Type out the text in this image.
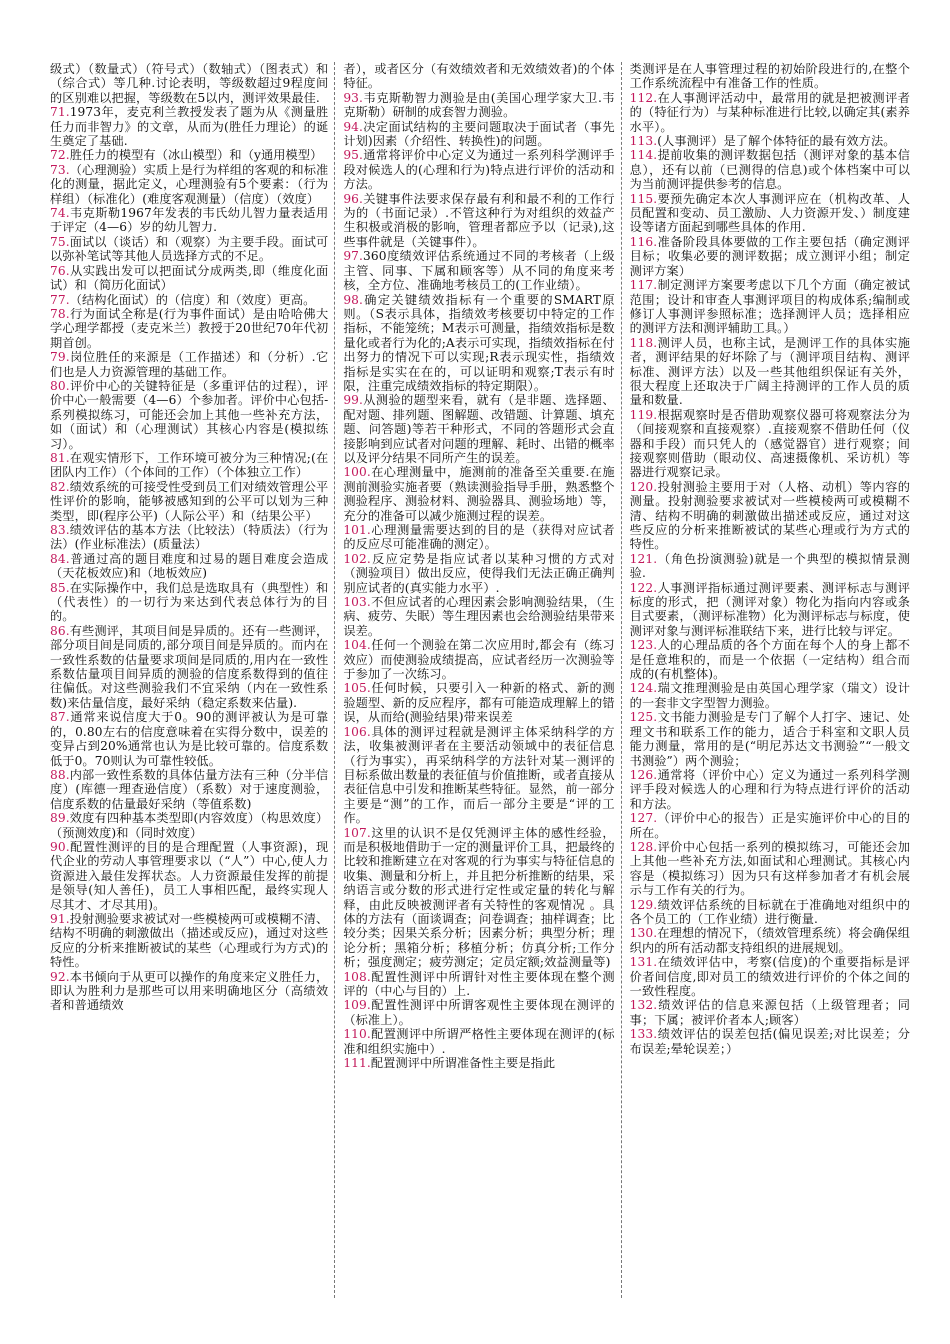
级式）（数量式）（符号式）（数轴式）（图表式）和（综合式）等几种.讨论表明，等级数超过9程度间的区别难以把握，等级数在5以内，测评效果最佳.

71.1973年，麦克利兰教授发表了题为从《测量胜任力而非智力》的文章，从而为(胜任力理论）的诞生奠定了基础.

72.胜任力的模型有（冰山模型）和（y通用模型）

73.（心理测验）实质上是行为样组的客观的和标准化的测量，据此定义，心理测验有5个要素：（行为样组）（标准化）(难度客观测量）（信度）（效度）

74.韦克斯勒1967年发表的韦氏幼儿智力量表适用于评定（4—6）岁的幼儿智力.

75.面试以（谈话）和（观察）为主要手段。面试可以弥补笔试等其他人员选择方式的不足。

76.从实践出发可以把面试分成两类,即（维度化面试）和（简历化面试）

77.（结构化面试）的（信度）和（效度）更高。

78.行为面试全称是(行为事件面试）是由哈哈佛大学心理学都授（麦克米兰）教授于20世纪70年代初期首创。

79.岗位胜任的来源是（工作描述）和（分析）.它们也是人力资源管理的基础工作。

80.评价中心的关键特征是（多重评估的过程），评价中心一般需要（4—6）个参加者。评价中心包括-系列模拟练习，可能还会加上其他一些补充方法，如（面试）和（心理测试）其核心内容是(模拟练习）。

81.在观实情形下，工作环境可被分为三种情况;(在团队内工作）（个体间的工作）（个体独立工作）

82.绩效系统的可接受性受到员工们对绩效管理公平性评价的影响，能够被感知到的公平可以划为三种类型，即(程序公平)（人际公平）和（结果公平）

83.绩效评估的基本方法（比较法）（特质法）（行为法）(作业标准法）(质量法）

84.普通过高的题目难度和过易的题目难度会造成（天花板效应)和（地板效应)

85.在实际操作中，我们总是选取具有（典型性）和（代表性）的一切行为来达到代表总体行为的目的。

86.有些测评，其项目间是异质的。还有一些测评，部分项目间是同质的,部分项目间是异质的。而内在一致性系数的估量要求项间是同质的,用内在一致性系数估量项目间异质的测验的信度系数得到的值往往偏低。对这些测验我们不宜采纳（内在一致性系数)来估量信度，最好采纳（稳定系数来估量).

87.通常来说信度大于0。90的测评被认为是可靠的，0.80左右的信度意味着在实得分数中，误差的变异占到20%通常也认为是比较可靠的。信度系数低于0。70则认为可靠性较低。

88.内部一致性系数的具体估量方法有三种（分半信度）(库德一理查逊信度）（系数）对于速度测验，信度系数的估量最好采纳（等值系数)

89.效度有四种基本类型即(内容效度）（构思效度）（预测效度)和（同时效度）

90.配置性测评的目的是合理配置（人事资源)，现代企业的劳动人事管理要求以（“人”）中心,使人力资源进入最佳发挥状态。人力资源最佳发挥的前提是领导(知人善任)，员工人事相匹配，最终实现人尽其才、才尽其用)。

91.投射测验要求被试对一些模棱两可或模糊不清、结构不明确的刺激做出（描述或反应)，通过对这些反应的分析来推断被试的某些（心理或行为方式)的特性。

92.本书倾向于从更可以操作的角度来定义胜任力，即认为胜利力是那些可以用来明确地区分（高绩效者和普通绩效

者），或者区分（有效绩效者和无效绩效者)的个体特征。

93.韦克斯勒智力测验是由(美国心理学家大卫.韦克斯勒）研制的成套智力测验。

94.决定面试结构的主要问题取决于面试者（事先计划)因素（介绍性、转换性)的问题。

95.通常将评价中心定义为通过一系列科学测评手段对候选人的(心理和行为)特点进行评价的活动和方法。

96.关键事件法要求保存最有利和最不利的工作行为的（书面记录）.不管这种行为对组织的效益产生积极或消极的影响，管理者都应予以（记录),这些事件就是（关键事件）。

97.360度绩效评估系统通过不同的考核者（上级主管、同事、下属和顾客等）从不同的角度来考核，全方位、准确地考核员工的(工作业绩）。

98.确定关键绩效指标有一个重要的SMART原则。（S表示具体，指绩效考核要切中特定的工作指标，不能笼统；M表示可测量，指绩效指标是数量化或者行为化的;A表示可实现，指绩效指标在付出努力的情况下可以实现;R表示现实性，指绩效指标是实实在在的，可以证明和观察;T表示有时限，注重完成绩效指标的特定期限）。

99.从测验的题型来看，就有（是非题、选择题、配对题、排列题、图解题、改错题、计算题、填充题、问答题)等若干种形式，不同的答题形式会直接影响到应试者对问题的理解、耗时、出错的概率以及评分结果不同所产生的误差。

100.在心理测量中，施测前的准备至关重要.在施测前测验实施者要（熟读测验指导手册，熟悉整个测验程序、测验材料、测验器具、测验场地）等，充分的准备可以减少施测过程的误差。

101.心理测量需要达到的目的是（获得对应试者的反应尽可能准确的测定）。

102.反应定势是指应试者以某种习惯的方式对（测验项目）做出反应，使得我们无法正确正确判别应试者的(真实能力水平）.

103.不但应试者的心理因素会影响测验结果，（生病、疲劳、失眠）等生理因素也会给测验结果带来误差。

104.任何一个测验在第二次应用时,都会有（练习效应）而使测验成绩提高，应试者经历一次测验等于参加了一次练习。

105.任何时候，只要引入一种新的格式、新的测验题型、新的反应程序，都有可能造成理解上的错误，从而给(测验结果)带来误差

106.具体的测评过程就是测评主体采纳科学的方法，收集被测评者在主要活动领域中的表征信息（行为事实），再采纳科学的方法针对某一测评的目标系做出数量的表征值与价值推断，或者直接从表征信息中引发和推断某些特征。显然，前一部分主要是“测”的工作，而后一部分主要是“评的工作。

107.这里的认识不是仅凭测评主体的感性经验，而是积极地借助于一定的测量评价工具，把最终的比较和推断建立在对客观的行为事实与特征信息的收集、测量和分析上，并且把分析推断的结果，采纳语言或分数的形式进行定性或定量的转化与解释，由此反映被测评者有关特性的客观情况 。具体的方法有（面谈调查；问卷调查；抽样调查；比较分类；因果关系分析；因素分析；典型分析；理论分析；黑箱分析；移植分析；仿真分析;工作分析；强度测定；疲劳测定；定员定额;效益测量等)

108.配置性测评中所谓针对性主要体现在整个测评的（中心与目的）上.

109.配置性测评中所谓客观性主要体现在测评的（标准上）。

110.配置测评中所谓严格性主要体现在测评的(标准和组织实施中）.

111.配置测评中所谓准备性主要是指此

类测评是在人事管理过程的初始阶段进行的,在整个工作系统流程中有准备工作的性质。

112.在人事测评活动中，最常用的就是把被测评者的（特征行为）与某种标准进行比较,以确定其(素养水平）。

113.(人事测评）是了解个体特征的最有效方法。

114.提前收集的测评数据包括（测评对象的基本信息），还有以前（已测得的信息)或个体档案中可以为当前测评提供参考的信息。

115.要预先确定本次人事测评应在（机构改革、人员配置和变动、员工激励、人力资源开发、）制度建设等诸方面起到哪些具体的作用.

116.准备阶段具体要做的工作主要包括（确定测评目标；收集必要的测评数据；成立测评小组；制定测评方案）

117.制定测评方案要考虑以下几个方面（确定被试范围；设计和审查人事测评项目的构成体系;编制或修订人事测评参照标准；选择测评人员；选择相应的测评方法和测评辅助工具。）

118.测评人员，也称主试，是测评工作的具体实施者，测评结果的好坏除了与（测评项目结构、测评标准、测评方法）以及一些其他组织保证有关外，很大程度上还取决于广阔主持测评的工作人员的质量和数量.

119.根据观察时是否借助观察仪器可将观察法分为（间接观察和直接观察）.直接观察不借助任何（仪器和手段）而只凭人的（感觉器官）进行观察；间接观察则借助（眼动仪、高速摄像机、采访机）等器进行观察记录。

120.投射测验主要用于对（人格、动机）等内容的测量。投射测验要求被试对一些模棱两可或模糊不清、结构不明确的刺激做出描述或反应，通过对这些反应的分析来推断被试的某些心理或行为方式的特性。

121.（角色扮演测验)就是一个典型的模拟情景测验.

122.人事测评指标通过测评要素、测评标志与测评标度的形式，把（测评对象）物化为指向内容或条目式要素，（测评标准物）化为测评标志与标度，使测评对象与测评标准联结下来，进行比较与评定。

123.人的心理品质的各个方面在每个人的身上都不是任意堆积的，而是一个依据（一定结构）组合而成的(有机整体)。

124.瑞文推理测验是由英国心理学家（瑞文）设计的一套非文字型智力测验。

125.文书能力测验是专门了解个人打字、速记、处理文书和联系工作的能力，适合于科室和文职人员能力测量，常用的是(“明尼苏达文书测验”“一般文书测验”）两个测验；

126.通常将（评价中心）定义为通过一系列科学测评手段对候选人的心理和行为特点进行评价的活动和方法。

127.（评价中心的报告）正是实施评价中心的目的所在。

128.评价中心包括一系列的模拟练习，可能还会加上其他一些补充方法,如面试和心理测试。其核心内容是（模拟练习）因为只有这样参加者才有机会展示与工作有关的行为。

129.绩效评估系统的目标就在于准确地对组织中的各个员工的（工作业绩）进行衡量.

130.在理想的情况下，（绩效管理系统）将会确保组织内的所有活动都支持组织的进展规划。

131.在绩效评估中，考察(信度)的个重要指标是评价者间信度,即对员工的绩效进行评价的个体之间的一致性程度。

132.绩效评估的信息来源包括（上级管理者；同事；下属；被评价者本人;顾客）

133.绩效评估的误差包括(偏见误差;对比误差；分布误差;晕轮误差；）
